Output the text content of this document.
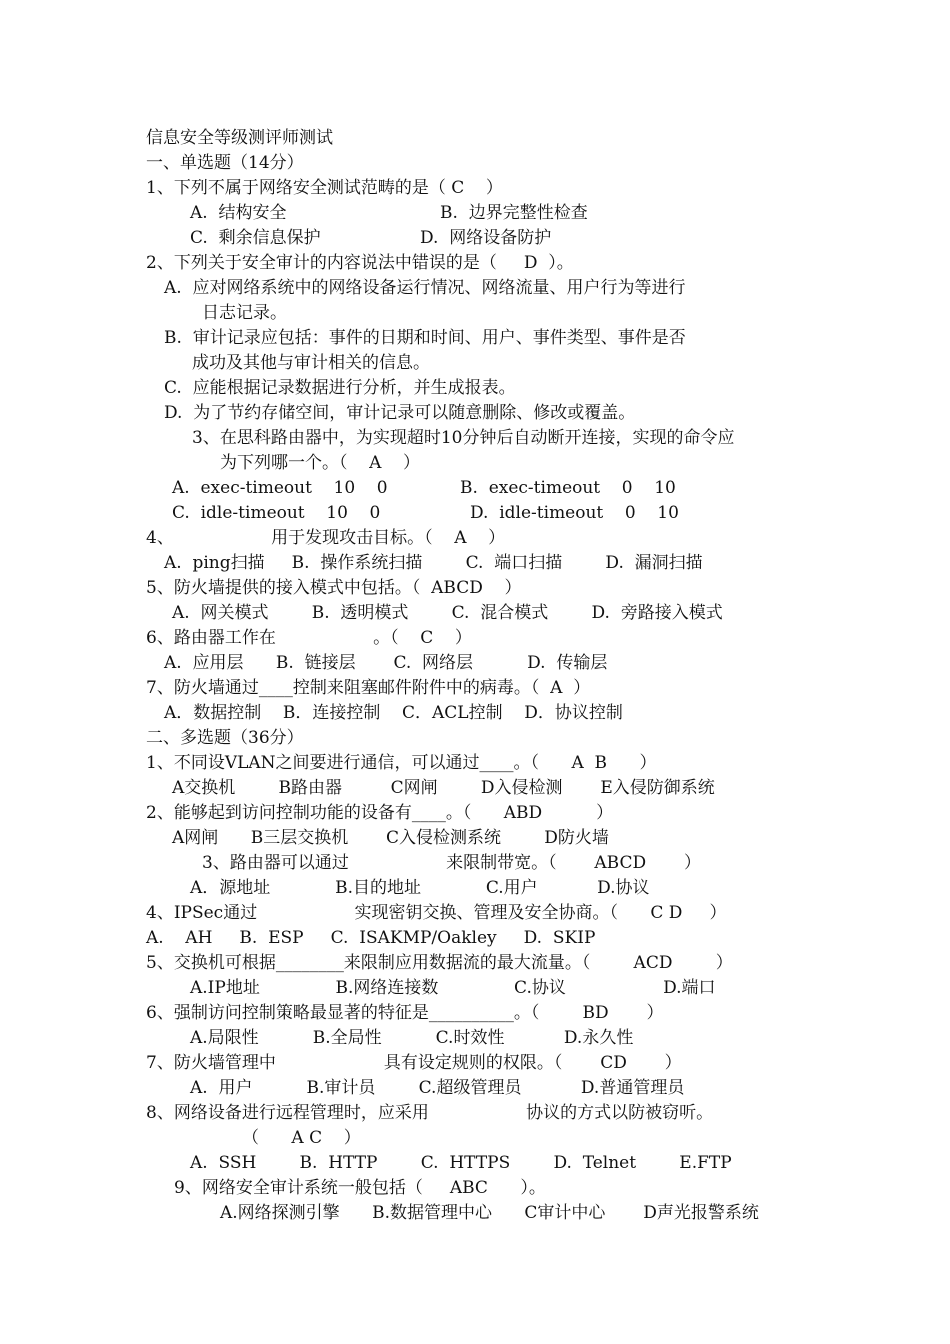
信息安全等级测评师测试
一、单选题（14分）
1、下列不属于网络安全测试范畴的是（ C    ）
A.  结构安全	B.  边界完整性检查
C.  剩余信息保护	D.  网络设备防护
2、下列关于安全审计的内容说法中错误的是（     D  ）。
A.  应对网络系统中的网络设备运行情况、网络流量、用户行为等进行
日志记录。
B.  审计记录应包括：事件的日期和时间、用户、事件类型、事件是否
成功及其他与审计相关的信息。
C.  应能根据记录数据进行分析，并生成报表。
D.  为了节约存储空间，审计记录可以随意删除、修改或覆盖。
3、在思科路由器中，为实现超时10分钟后自动断开连接，实现的命令应
为下列哪一个。（    A    ）
A.  exec-timeout    10    0	B.  exec-timeout    0    10
C.  idle-timeout    10    0	D.  idle-timeout    0    10
4、                  用于发现攻击目标。（    A    ）
A.  ping扫描     B.  操作系统扫描        C.  端口扫描        D.  漏洞扫描
5、防火墙提供的接入模式中包括。（  ABCD    ）
A.  网关模式        B.  透明模式        C.  混合模式        D.  旁路接入模式
6、路由器工作在                  。（    C    ）
A.  应用层      B.  链接层       C.  网络层          D.  传输层
7、防火墙通过____控制来阻塞邮件附件中的病毒。（  A  ）
A．数据控制    B．连接控制    C．ACL控制    D．协议控制
二、多选题（36分）
1、不同设VLAN之间要进行通信，可以通过____。（      A  B      ）
A交换机        B路由器         C网闸        D入侵检测       E入侵防御系统
2、能够起到访问控制功能的设备有____。（      ABD          ）
A网闸      B三层交换机       C入侵检测系统        D防火墙
3、路由器可以通过                  来限制带宽。（       ABCD       ）
A．源地址            B.目的地址            C.用户           D.协议
4、IPSec通过                  实现密钥交换、管理及安全协商。（      C D     ）
A.    AH     B.  ESP     C.  ISAKMP/Oakley     D.  SKIP
5、交换机可根据________来限制应用数据流的最大流量。（        ACD        ）
A.IP地址              B.网络连接数              C.协议                  D.端口
6、强制访问控制策略最显著的特征是__________。（        BD       ）
A.局限性          B.全局性          C.时效性           D.永久性
7、防火墙管理中                    具有设定规则的权限。（       CD       ）
A.  用户          B.审计员        C.超级管理员           D.普通管理员
8、网络设备进行远程管理时，应采用                  协议的方式以防被窃听。
（      A C    ）
A.  SSH        B.  HTTP        C.  HTTPS        D.  Telnet        E.FTP
9、网络安全审计系统一般包括（     ABC      ）。
A.网络探测引擎      B.数据管理中心      C审计中心       D声光报警系统
